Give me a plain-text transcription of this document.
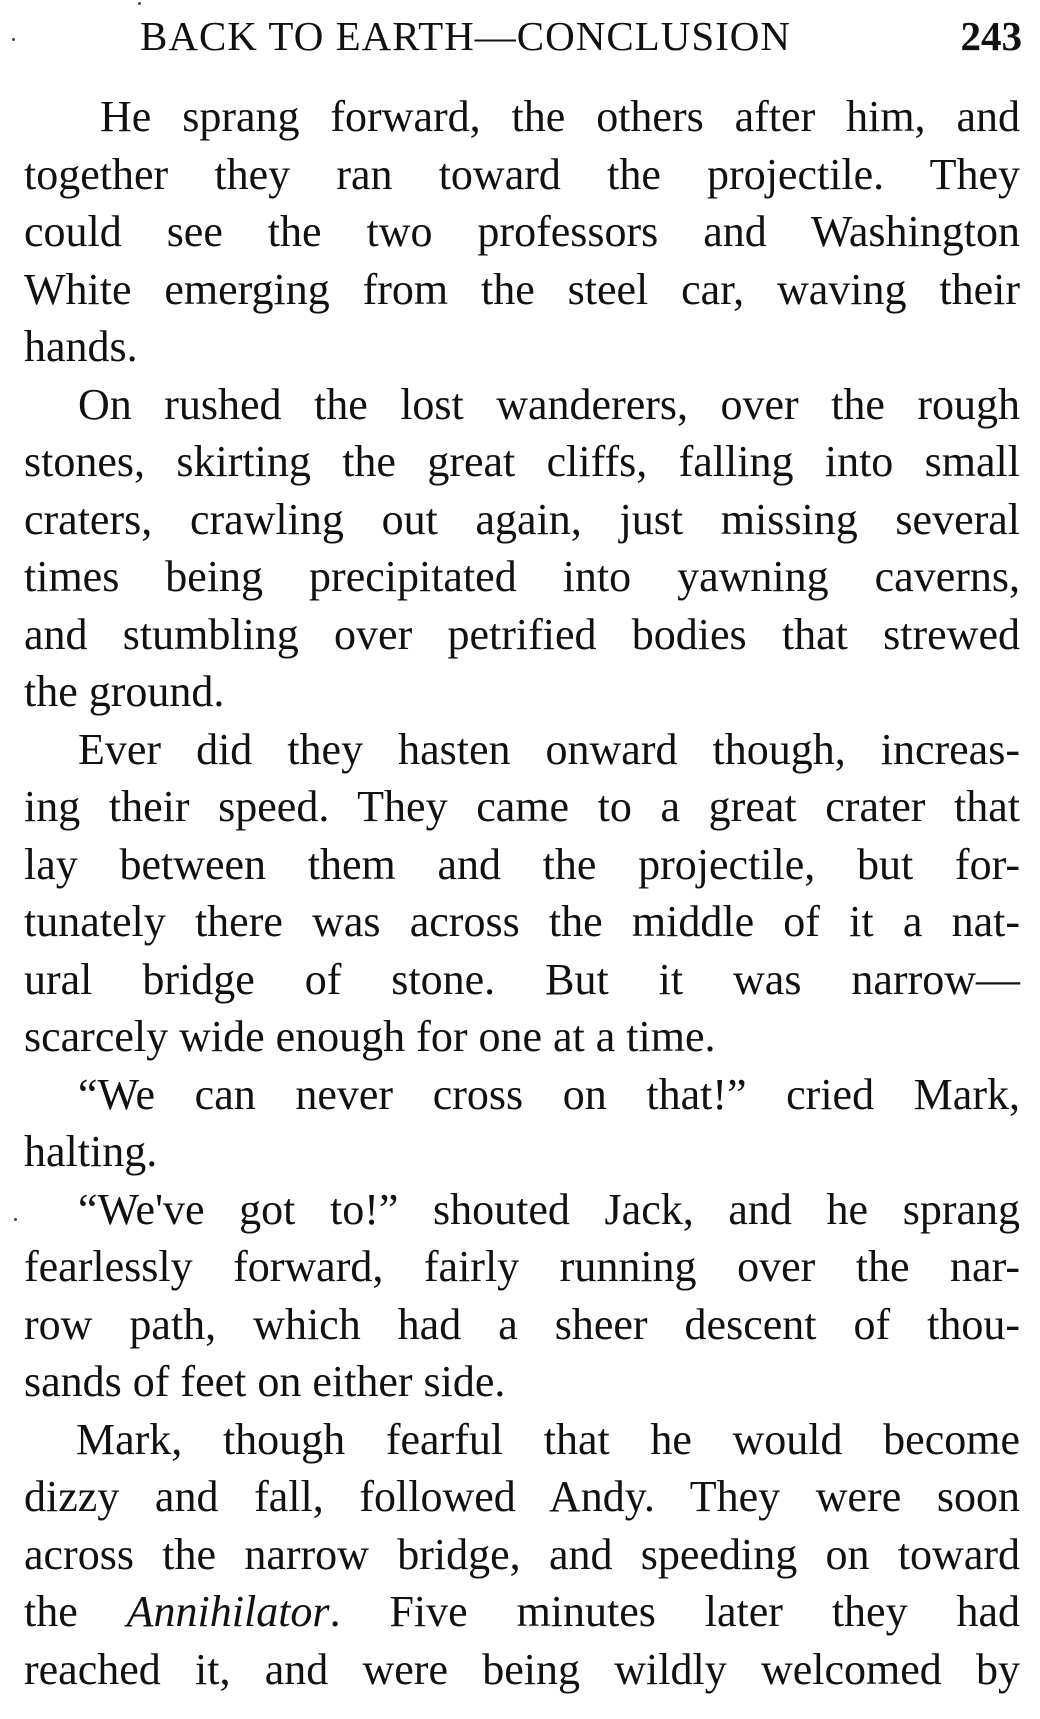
BACK TO EARTH—CONCLUSION	243

He sprang forward, the others after him, and
together they ran toward the projectile. They
could see the two professors and Washington
White emerging from the steel car, waving their
hands.

On rushed the lost wanderers, over the rough
stones, skirting the great cliffs, falling into small
craters, crawling out again, just missing several
times being precipitated into yawning caverns,
and stumbling over petrified bodies that strewed
the ground.

Ever did they hasten onward though, increas-
ing their speed. They came to a great crater that
lay between them and the projectile, but for-
tunately there was across the middle of it a nat-
ural bridge of stone. But it was narrow—
scarcely wide enough for one at a time.

“We can never cross on that!” cried Mark,
halting.

“We've got to!” shouted Jack, and he sprang
fearlessly forward, fairly running over the nar-
row path, which had a sheer descent of thou-
sands of feet on either side.

Mark, though fearful that he would become
dizzy and fall, followed Andy. They were soon
across the narrow bridge, and speeding on toward
the Annihilator. Five minutes later they had
reached it, and were being wildly welcomed by
